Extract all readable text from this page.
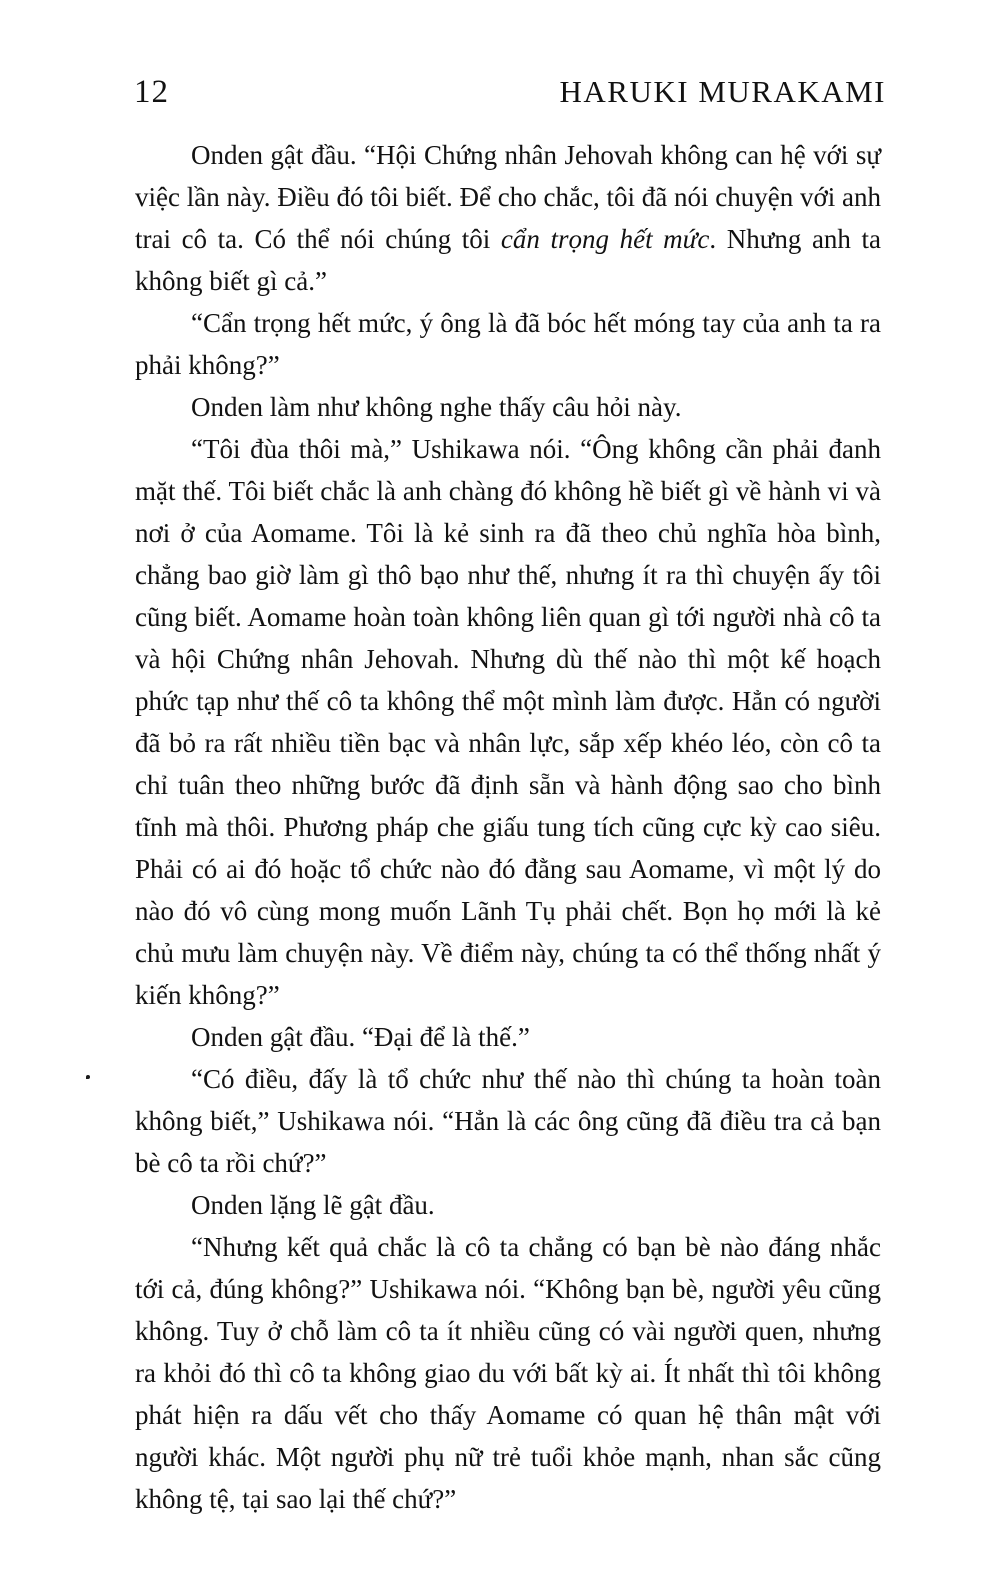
12	HARUKI MURAKAMI

Onden gật đầu. “Hội Chứng nhân Jehovah không can hệ với sự việc lần này. Điều đó tôi biết. Để cho chắc, tôi đã nói chuyện với anh trai cô ta. Có thể nói chúng tôi cẩn trọng hết mức. Nhưng anh ta không biết gì cả.”

“Cẩn trọng hết mức, ý ông là đã bóc hết móng tay của anh ta ra phải không?”

Onden làm như không nghe thấy câu hỏi này.

“Tôi đùa thôi mà,” Ushikawa nói. “Ông không cần phải đanh mặt thế. Tôi biết chắc là anh chàng đó không hề biết gì về hành vi và nơi ở của Aomame. Tôi là kẻ sinh ra đã theo chủ nghĩa hòa bình, chẳng bao giờ làm gì thô bạo như thế, nhưng ít ra thì chuyện ấy tôi cũng biết. Aomame hoàn toàn không liên quan gì tới người nhà cô ta và hội Chứng nhân Jehovah. Nhưng dù thế nào thì một kế hoạch phức tạp như thế cô ta không thể một mình làm được. Hẳn có người đã bỏ ra rất nhiều tiền bạc và nhân lực, sắp xếp khéo léo, còn cô ta chỉ tuân theo những bước đã định sẵn và hành động sao cho bình tĩnh mà thôi. Phương pháp che giấu tung tích cũng cực kỳ cao siêu. Phải có ai đó hoặc tổ chức nào đó đằng sau Aomame, vì một lý do nào đó vô cùng mong muốn Lãnh Tụ phải chết. Bọn họ mới là kẻ chủ mưu làm chuyện này. Về điểm này, chúng ta có thể thống nhất ý kiến không?”

Onden gật đầu. “Đại để là thế.”

“Có điều, đấy là tổ chức như thế nào thì chúng ta hoàn toàn không biết,” Ushikawa nói. “Hẳn là các ông cũng đã điều tra cả bạn bè cô ta rồi chứ?”

Onden lặng lẽ gật đầu.

“Nhưng kết quả chắc là cô ta chẳng có bạn bè nào đáng nhắc tới cả, đúng không?” Ushikawa nói. “Không bạn bè, người yêu cũng không. Tuy ở chỗ làm cô ta ít nhiều cũng có vài người quen, nhưng ra khỏi đó thì cô ta không giao du với bất kỳ ai. Ít nhất thì tôi không phát hiện ra dấu vết cho thấy Aomame có quan hệ thân mật với người khác. Một người phụ nữ trẻ tuổi khỏe mạnh, nhan sắc cũng không tệ, tại sao lại thế chứ?”
